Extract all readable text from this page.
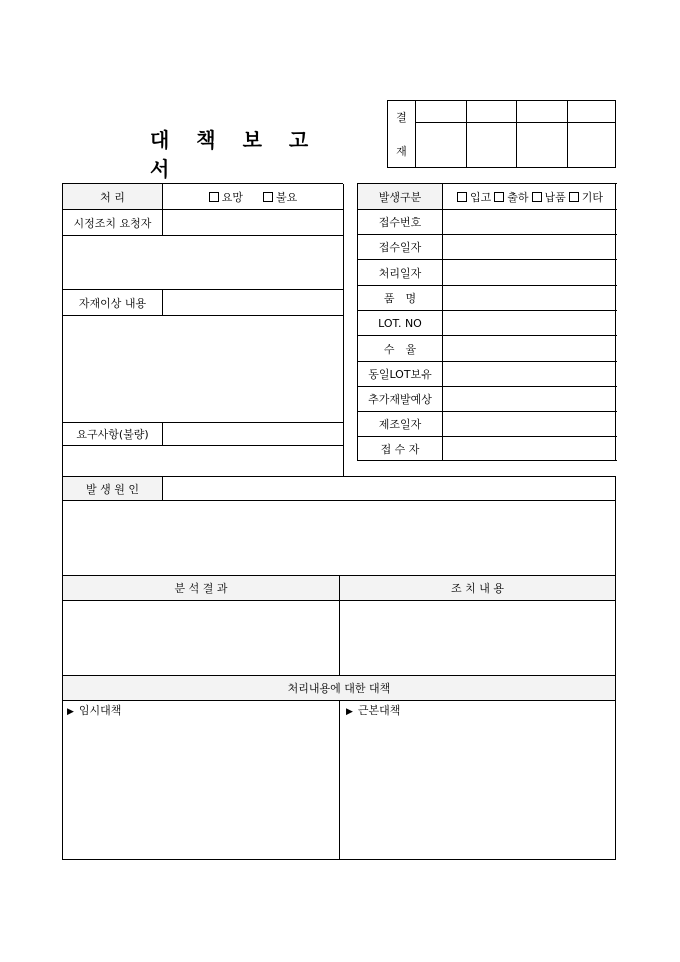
대 책 보 고 서
결
재
처 리	요망	불요
시정조치 요청자
자재이상 내용
요구사항(불량)
발생구분	입고 출하 납품 기타
접수번호
접수일자
처리일자
품　명
LOT. NO
수　율
동일LOT보유
추가재발예상
제조일자
접 수 자
발 생 원 인
분 석 결 과	조 치 내 용
처리내용에 대한 대책
▶ 임시대책	▶ 근본대책
